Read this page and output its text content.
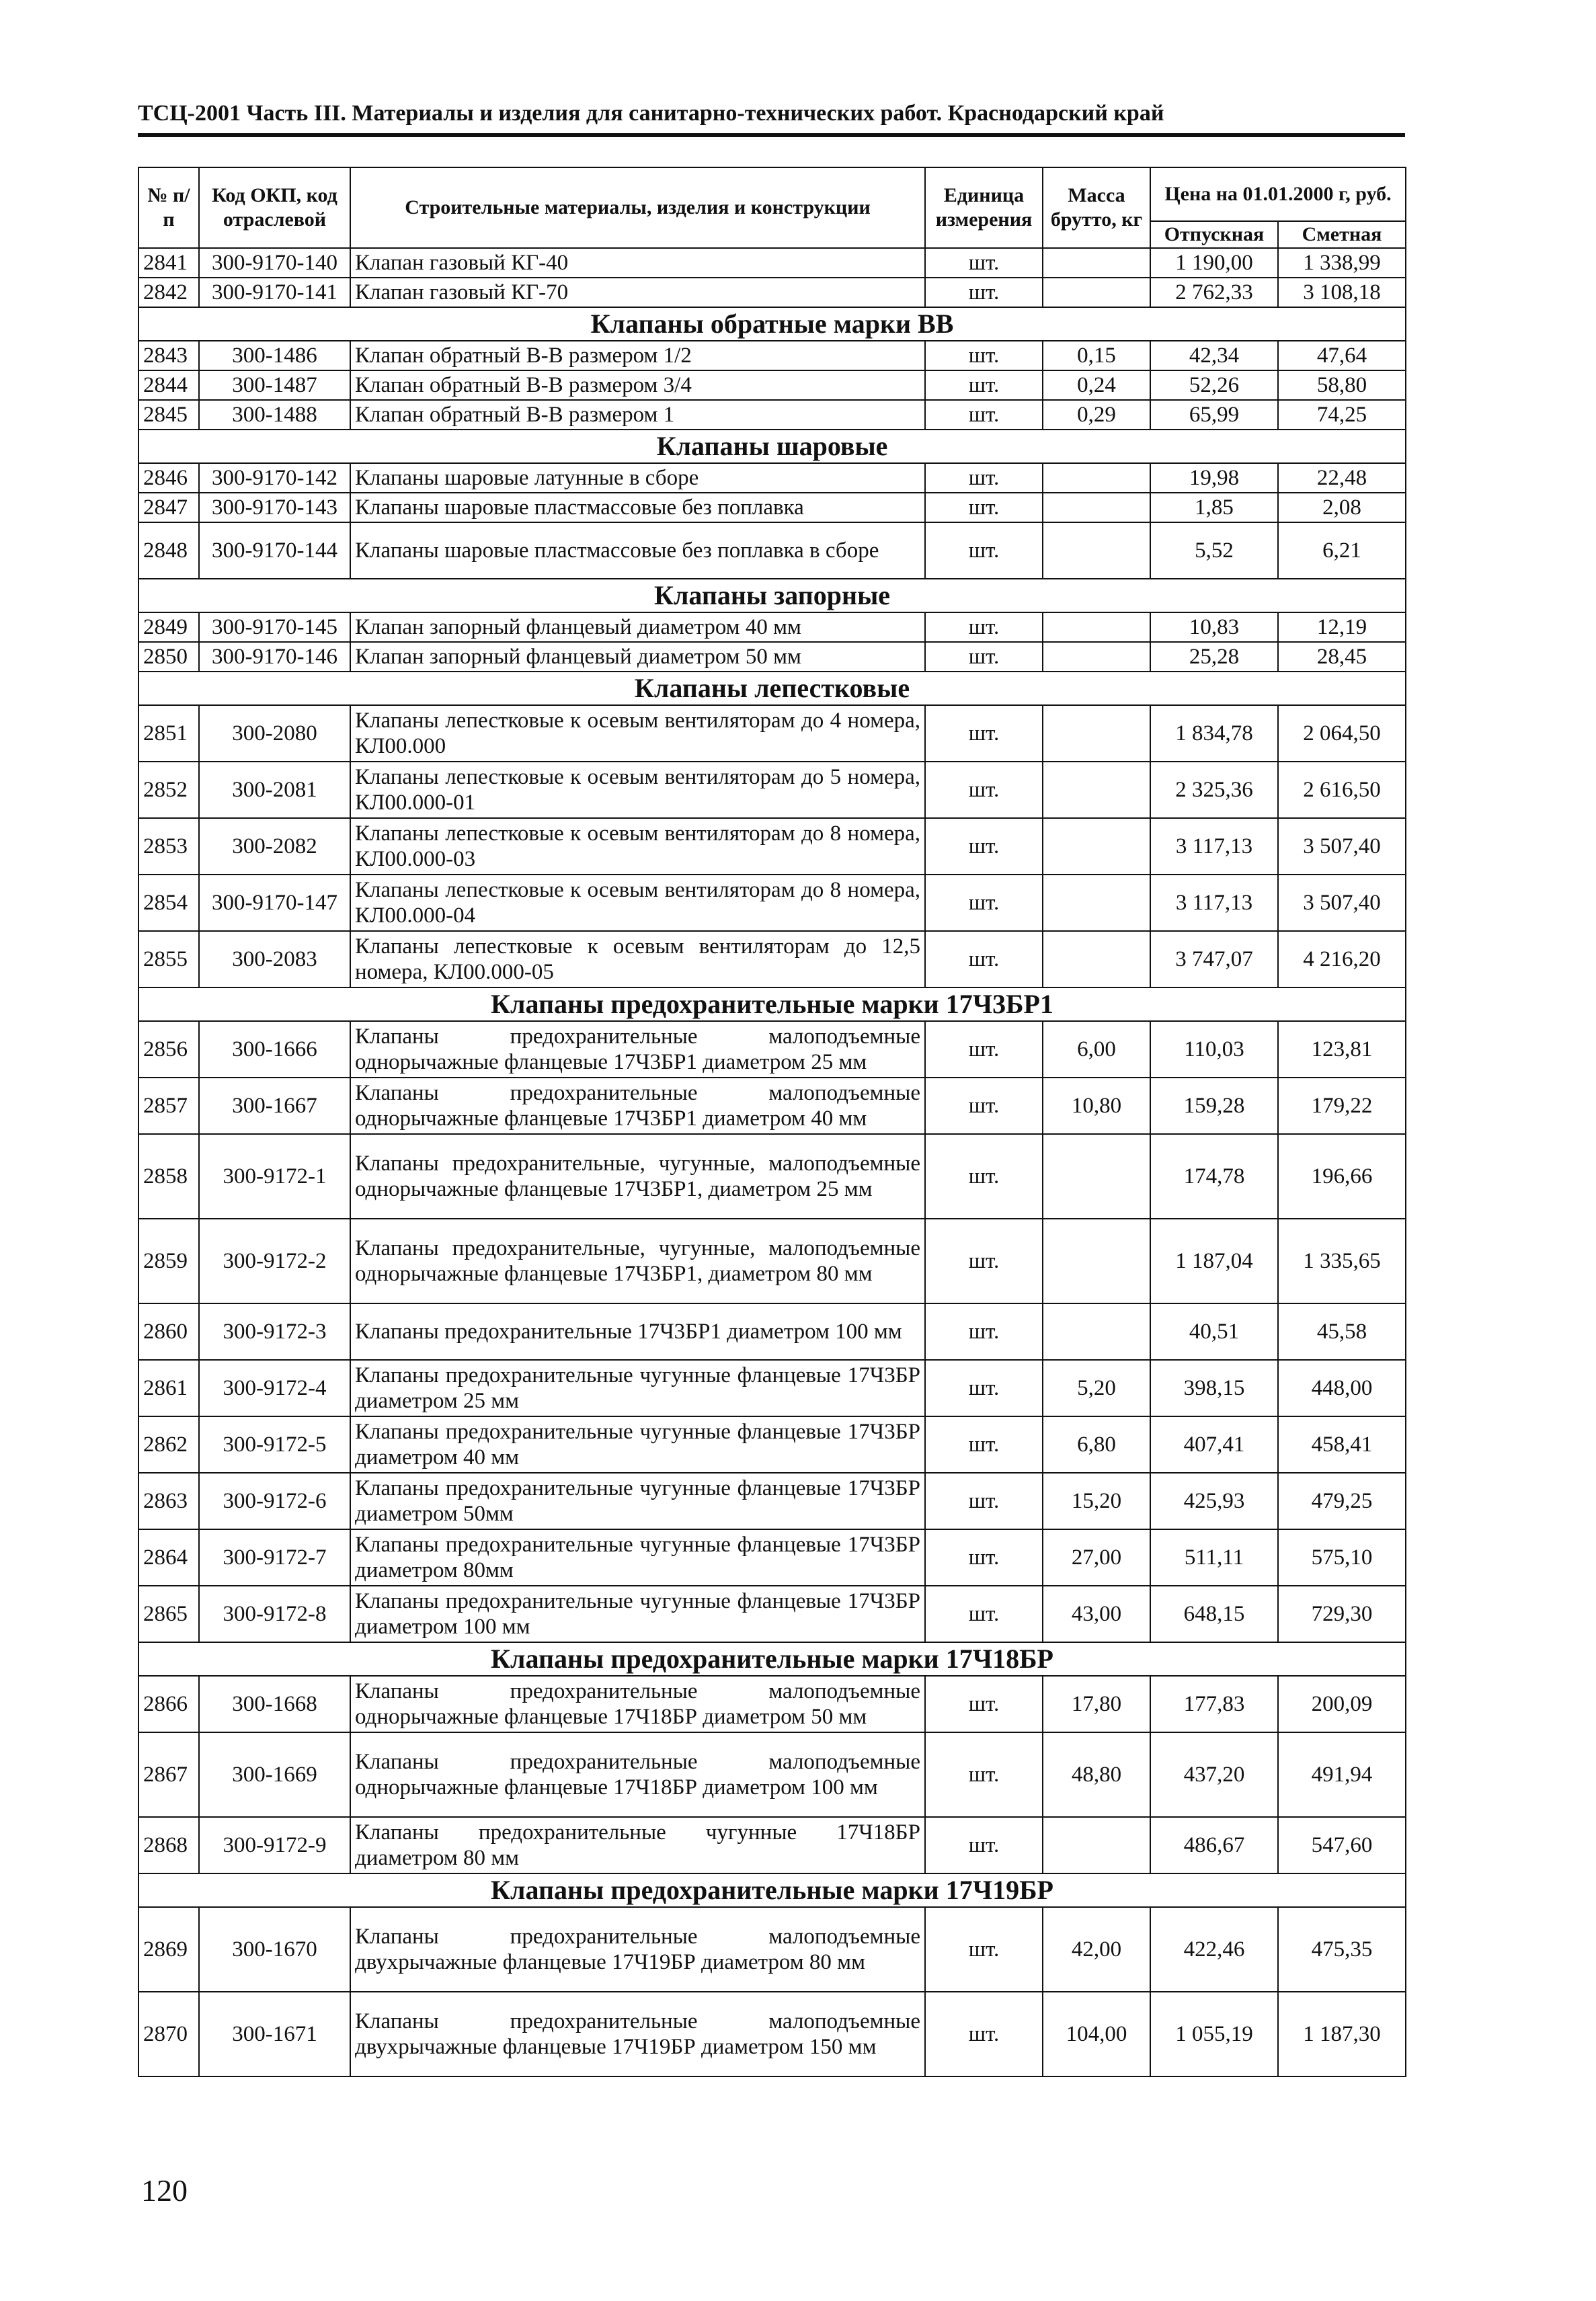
ТСЦ-2001 Часть III. Материалы и изделия для санитарно-технических работ. Краснодарский край
№ п/п	Код ОКП, код отраслевой	Строительные материалы, изделия и конструкции	Единица измерения	Масса брутто, кг	Цена на 01.01.2000 г, руб.	
					Отпускная	Сметная
2841	300-9170-140	Клапан газовый КГ-40	шт.		1 190,00	1 338,99
2842	300-9170-141	Клапан газовый КГ-70	шт.		2 762,33	3 108,18
Клапаны обратные марки ВВ						
2843	300-1486	Клапан обратный В-В размером 1/2	шт.	0,15	42,34	47,64
2844	300-1487	Клапан обратный В-В размером 3/4	шт.	0,24	52,26	58,80
2845	300-1488	Клапан обратный В-В размером 1	шт.	0,29	65,99	74,25
Клапаны шаровые						
2846	300-9170-142	Клапаны шаровые латунные в сборе	шт.		19,98	22,48
2847	300-9170-143	Клапаны шаровые пластмассовые без поплавка	шт.		1,85	2,08
2848	300-9170-144	Клапаны шаровые пластмассовые без поплавка в сборе	шт.		5,52	6,21
Клапаны запорные						
2849	300-9170-145	Клапан запорный фланцевый диаметром 40 мм	шт.		10,83	12,19
2850	300-9170-146	Клапан запорный фланцевый диаметром 50 мм	шт.		25,28	28,45
Клапаны лепестковые						
2851	300-2080	Клапаны лепестковые к осевым вентиляторам до 4 номера, КЛ00.000	шт.		1 834,78	2 064,50
2852	300-2081	Клапаны лепестковые к осевым вентиляторам до 5 номера, КЛ00.000-01	шт.		2 325,36	2 616,50
2853	300-2082	Клапаны лепестковые к осевым вентиляторам до 8 номера, КЛ00.000-03	шт.		3 117,13	3 507,40
2854	300-9170-147	Клапаны лепестковые к осевым вентиляторам до 8 номера, КЛ00.000-04	шт.		3 117,13	3 507,40
2855	300-2083	Клапаны лепестковые к осевым вентиляторам до 12,5 номера, КЛ00.000-05	шт.		3 747,07	4 216,20
Клапаны предохранительные марки 17Ч3БР1						
2856	300-1666	Клапаны предохранительные малоподъемные однорычажные фланцевые 17Ч3БР1 диаметром 25 мм	шт.	6,00	110,03	123,81
2857	300-1667	Клапаны предохранительные малоподъемные однорычажные фланцевые 17Ч3БР1 диаметром 40 мм	шт.	10,80	159,28	179,22
2858	300-9172-1	Клапаны предохранительные, чугунные, малоподъемные однорычажные фланцевые 17Ч3БР1, диаметром 25 мм	шт.		174,78	196,66
2859	300-9172-2	Клапаны предохранительные, чугунные, малоподъемные однорычажные фланцевые 17Ч3БР1, диаметром 80 мм	шт.		1 187,04	1 335,65
2860	300-9172-3	Клапаны предохранительные 17Ч3БР1 диаметром 100 мм	шт.		40,51	45,58
2861	300-9172-4	Клапаны предохранительные чугунные фланцевые 17Ч3БР диаметром 25 мм	шт.	5,20	398,15	448,00
2862	300-9172-5	Клапаны предохранительные чугунные фланцевые 17Ч3БР диаметром 40 мм	шт.	6,80	407,41	458,41
2863	300-9172-6	Клапаны предохранительные чугунные фланцевые 17Ч3БР диаметром 50мм	шт.	15,20	425,93	479,25
2864	300-9172-7	Клапаны предохранительные чугунные фланцевые 17Ч3БР диаметром 80мм	шт.	27,00	511,11	575,10
2865	300-9172-8	Клапаны предохранительные чугунные фланцевые 17Ч3БР диаметром 100 мм	шт.	43,00	648,15	729,30
Клапаны предохранительные марки 17Ч18БР						
2866	300-1668	Клапаны предохранительные малоподъемные однорычажные фланцевые 17Ч18БР диаметром 50 мм	шт.	17,80	177,83	200,09
2867	300-1669	Клапаны предохранительные малоподъемные однорычажные фланцевые 17Ч18БР диаметром 100 мм	шт.	48,80	437,20	491,94
2868	300-9172-9	Клапаны предохранительные чугунные 17Ч18БР диаметром 80 мм	шт.		486,67	547,60
Клапаны предохранительные марки 17Ч19БР						
2869	300-1670	Клапаны предохранительные малоподъемные двухрычажные фланцевые 17Ч19БР диаметром 80 мм	шт.	42,00	422,46	475,35
2870	300-1671	Клапаны предохранительные малоподъемные двухрычажные фланцевые 17Ч19БР диаметром 150 мм	шт.	104,00	1 055,19	1 187,30
120
